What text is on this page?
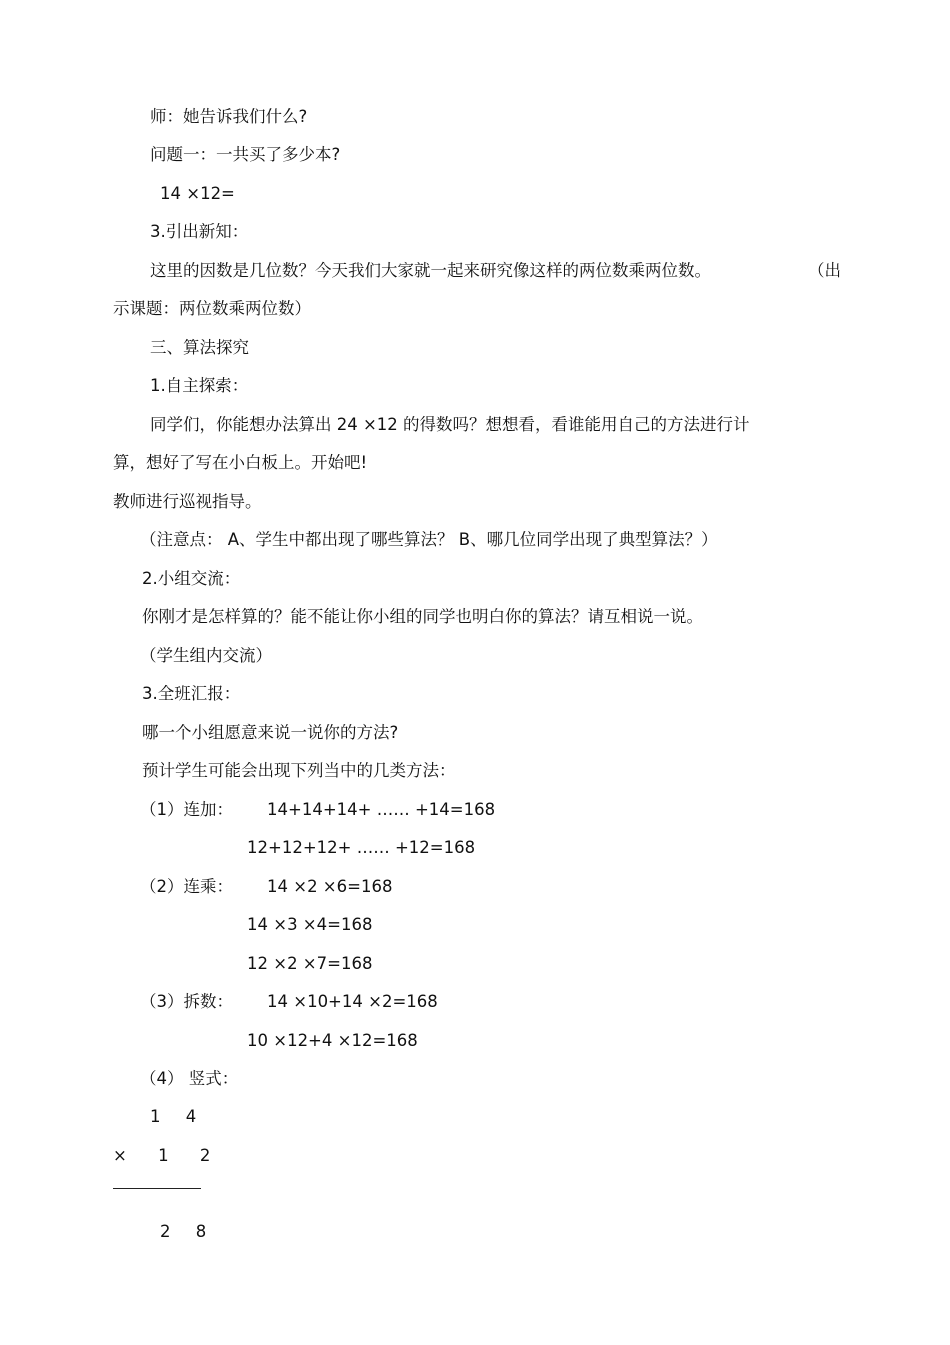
师：她告诉我们什么?
问题一：一共买了多少本?
14 ×12=
3.引出新知：
这里的因数是几位数？今天我们大家就一起来研究像这样的两位数乘两位数。	（出
示课题：两位数乘两位数）
三、算法探究
1.自主探索：
同学们，你能想办法算出 24 ×12 的得数吗？想想看，看谁能用自己的方法进行计
算，想好了写在小白板上。开始吧!
教师进行巡视指导。
（注意点： A、学生中都出现了哪些算法？ B、哪几位同学出现了典型算法？）
2.小组交流：
你刚才是怎样算的？能不能让你小组的同学也明白你的算法？请互相说一说。
（学生组内交流）
3.全班汇报：
哪一个小组愿意来说一说你的方法?
预计学生可能会出现下列当中的几类方法：
（1）连加： 14+14+14+ …… +14=168
12+12+12+ …… +12=168
（2）连乘： 14 ×2 ×6=168
14 ×3 ×4=168
12 ×2 ×7=168
（3）拆数： 14 ×10+14 ×2=168
10 ×12+4 ×12=168
（4） 竖式：
1 4
× 1 2
2 8
